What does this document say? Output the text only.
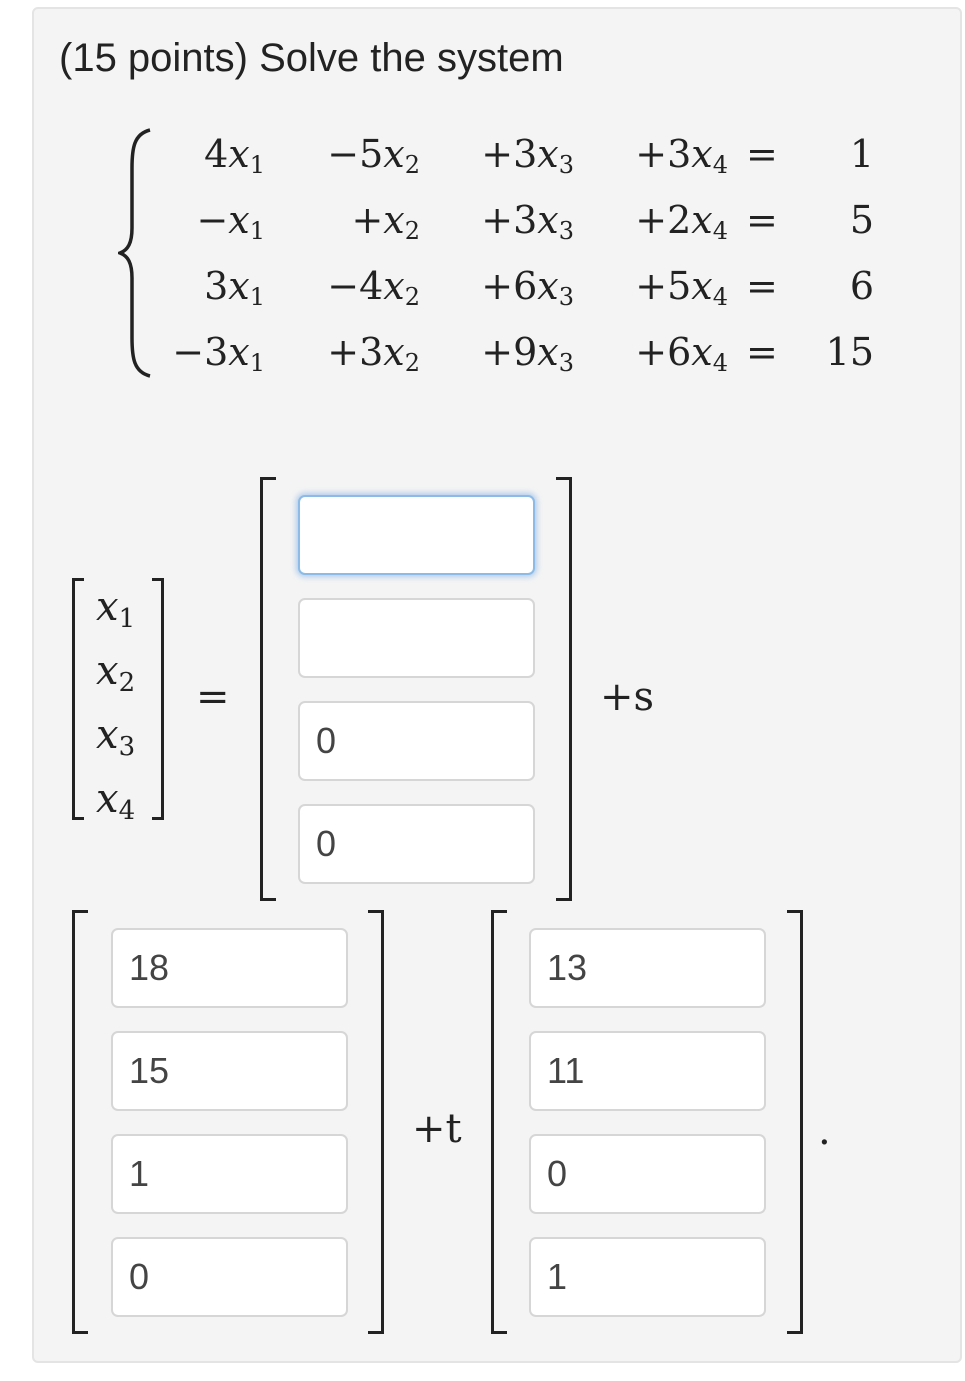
(15 points) Solve the system
$4x_1 -5x_2 +3x_3 +3x_4 = 1$
$-x_1 +x_2 +3x_3 +2x_4 = 5$
$3x_1 -4x_2 +6x_3 +5x_4 = 6$
$-3x_1 +3x_2 +9x_3 +6x_4 = 15$
$x_1$
$x_2$
$x_3$
$x_4$
=
0
0	+s
18
15
1
0
+t
13
11
0
1	.
